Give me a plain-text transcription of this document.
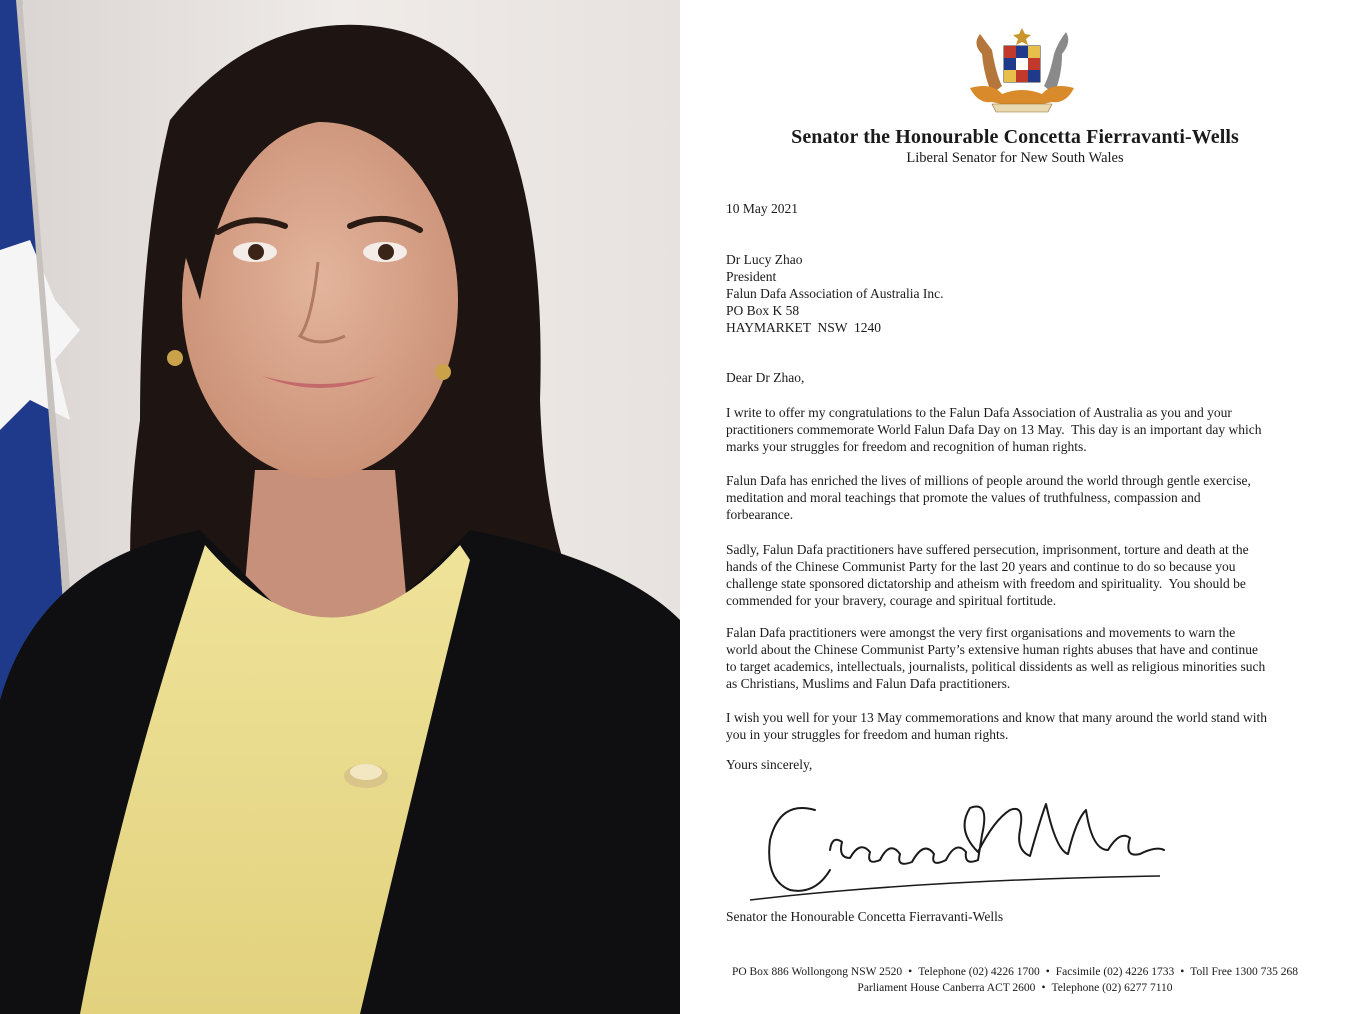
Senator the Honourable Concetta Fierravanti-Wells
Liberal Senator for New South Wales
10 May 2021
Dr Lucy Zhao
President
Falun Dafa Association of Australia Inc.
PO Box K 58
HAYMARKET  NSW  1240
Dear Dr Zhao,
I write to offer my congratulations to the Falun Dafa Association of Australia as you and your
practitioners commemorate World Falun Dafa Day on 13 May.  This day is an important day which
marks your struggles for freedom and recognition of human rights.
Falun Dafa has enriched the lives of millions of people around the world through gentle exercise,
meditation and moral teachings that promote the values of truthfulness, compassion and
forbearance.
Sadly, Falun Dafa practitioners have suffered persecution, imprisonment, torture and death at the
hands of the Chinese Communist Party for the last 20 years and continue to do so because you
challenge state sponsored dictatorship and atheism with freedom and spirituality.  You should be
commended for your bravery, courage and spiritual fortitude.
Falan Dafa practitioners were amongst the very first organisations and movements to warn the
world about the Chinese Communist Party’s extensive human rights abuses that have and continue
to target academics, intellectuals, journalists, political dissidents as well as religious minorities such
as Christians, Muslims and Falun Dafa practitioners.
I wish you well for your 13 May commemorations and know that many around the world stand with
you in your struggles for freedom and human rights.
Yours sincerely,
Senator the Honourable Concetta Fierravanti-Wells
PO Box 886 Wollongong NSW 2520 • Telephone (02) 4226 1700 • Facsimile (02) 4226 1733 • Toll Free 1300 735 268
Parliament House Canberra ACT 2600 • Telephone (02) 6277 7110
